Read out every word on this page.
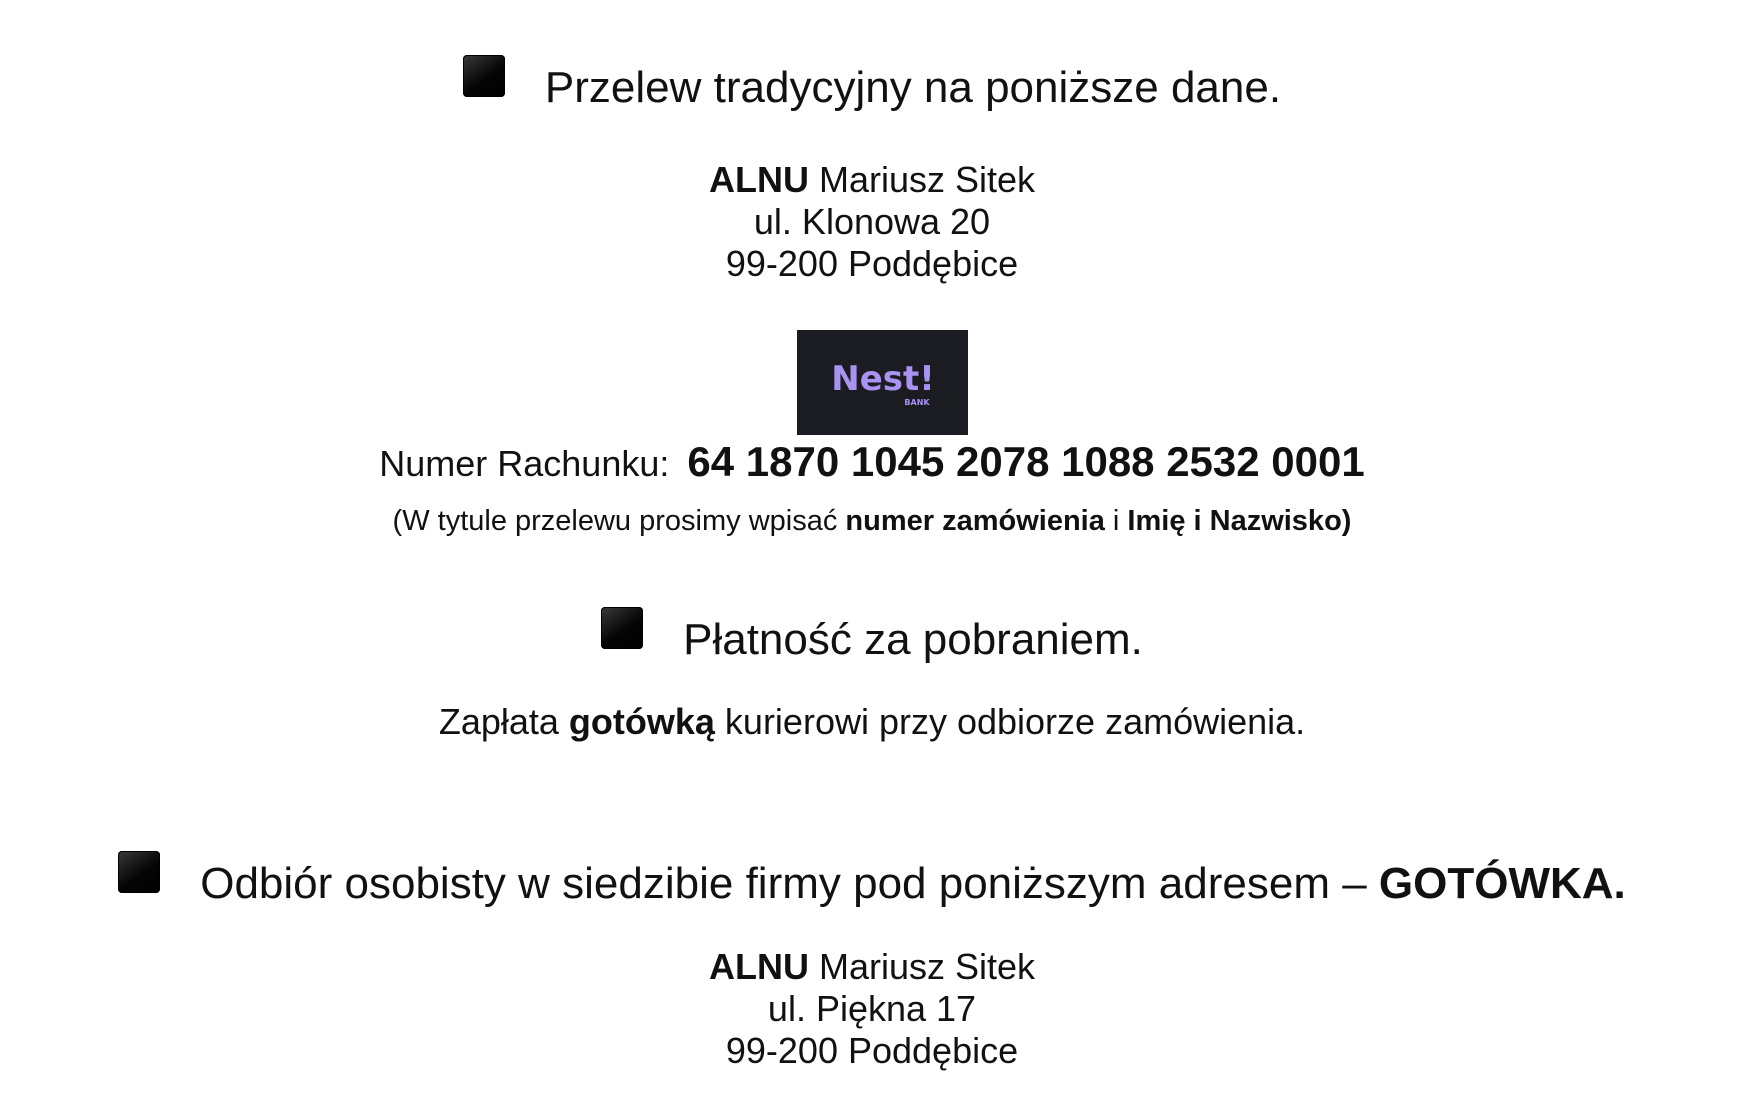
Przelew tradycyjny na poniższe dane.
ALNU Mariusz Sitek
ul. Klonowa 20
99-200 Poddębice
Nest!
BANK
Numer Rachunku: 64 1870 1045 2078 1088 2532 0001
(W tytule przelewu prosimy wpisać numer zamówienia i Imię i Nazwisko)
Płatność za pobraniem.
Zapłata gotówką kurierowi przy odbiorze zamówienia.
Odbiór osobisty w siedzibie firmy pod poniższym adresem – GOTÓWKA.
ALNU Mariusz Sitek
ul. Piękna 17
99-200 Poddębice
